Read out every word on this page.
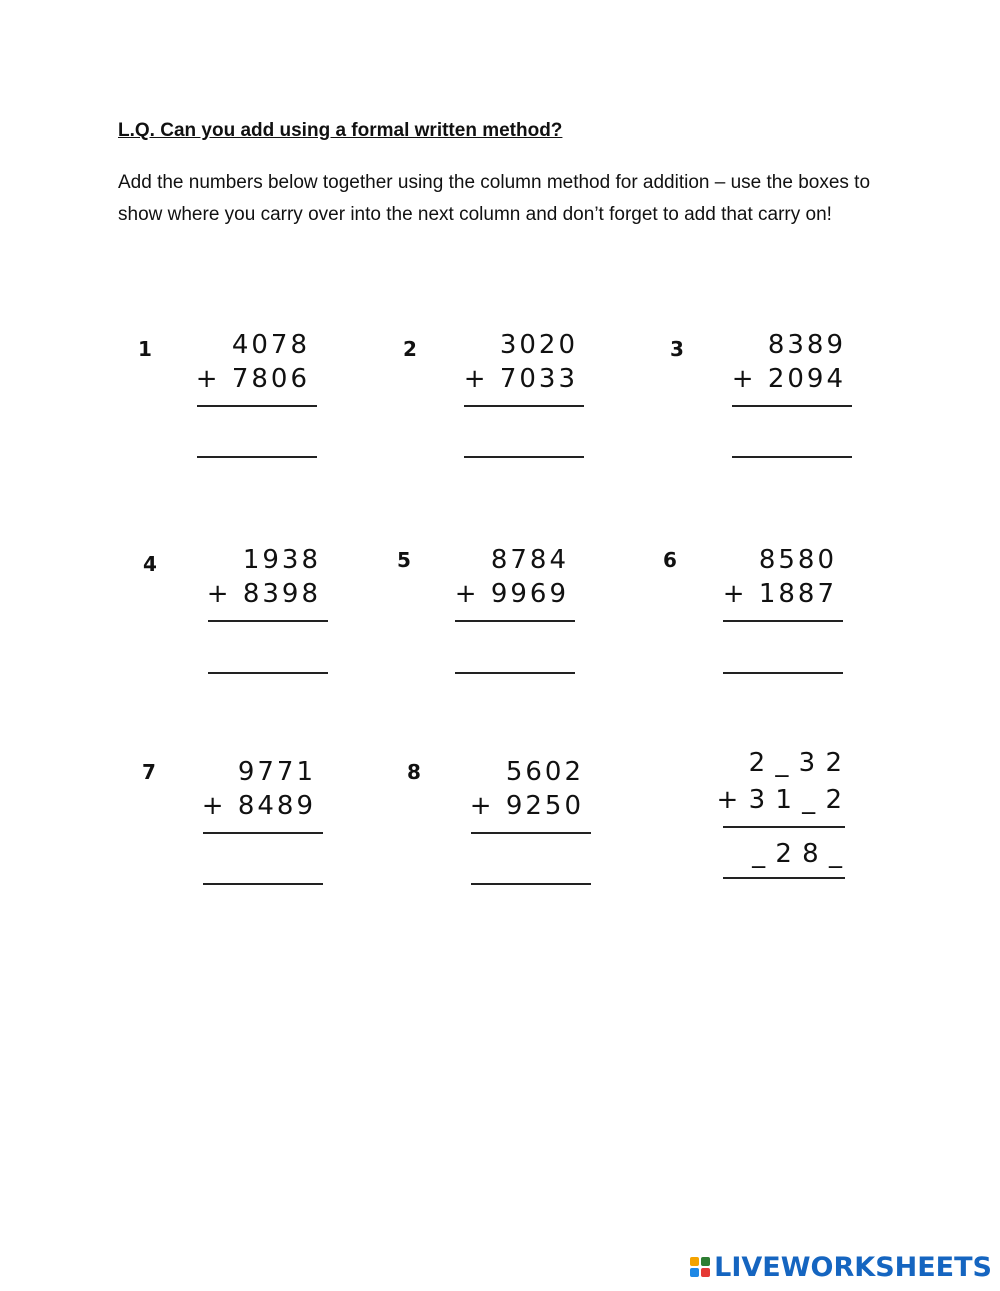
L.Q. Can you add using a formal written method?
Add the numbers below together using the column method for addition – use the boxes to show where you carry over into the next column and don’t forget to add that carry on!
1	4078
+ 7806
2	3020
+ 7033
3	8389
+ 2094
4	1938
+ 8398
5	8784
+ 9969
6	8580
+ 1887
7	9771
+ 8489
8	5602
+ 9250
2 _ 3 2
+ 3 1 _ 2
_ 2 8 _
LIVEWORKSHEETS
